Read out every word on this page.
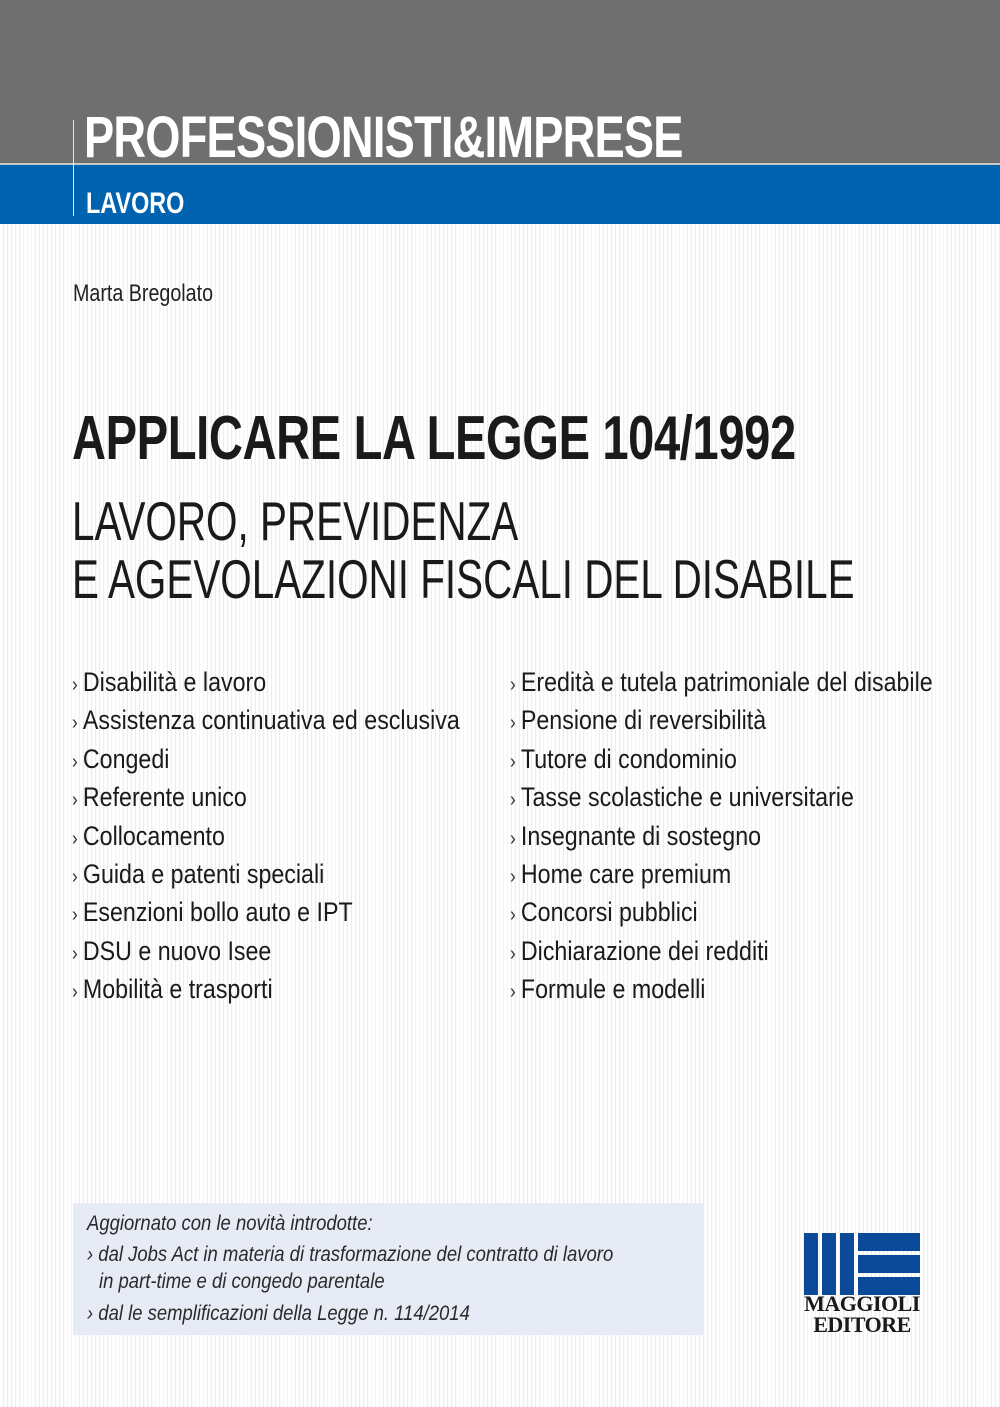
PROFESSIONISTI&IMPRESE
LAVORO
Marta Bregolato
APPLICARE LA LEGGE 104/1992
LAVORO, PREVIDENZA
E AGEVOLAZIONI FISCALI DEL DISABILE
› Disabilità e lavoro
› Assistenza continuativa ed esclusiva
› Congedi
› Referente unico
› Collocamento
› Guida e patenti speciali
› Esenzioni bollo auto e IPT
› DSU e nuovo Isee
› Mobilità e trasporti
› Eredità e tutela patrimoniale del disabile
› Pensione di reversibilità
› Tutore di condominio
› Tasse scolastiche e universitarie
› Insegnante di sostegno
› Home care premium
› Concorsi pubblici
› Dichiarazione dei redditi
› Formule e modelli
Aggiornato con le novità introdotte:
› dal Jobs Act in materia di trasformazione del contratto di lavoro
in part-time e di congedo parentale
› dal le semplificazioni della Legge n. 114/2014	MAGGIOLI
EDITORE
